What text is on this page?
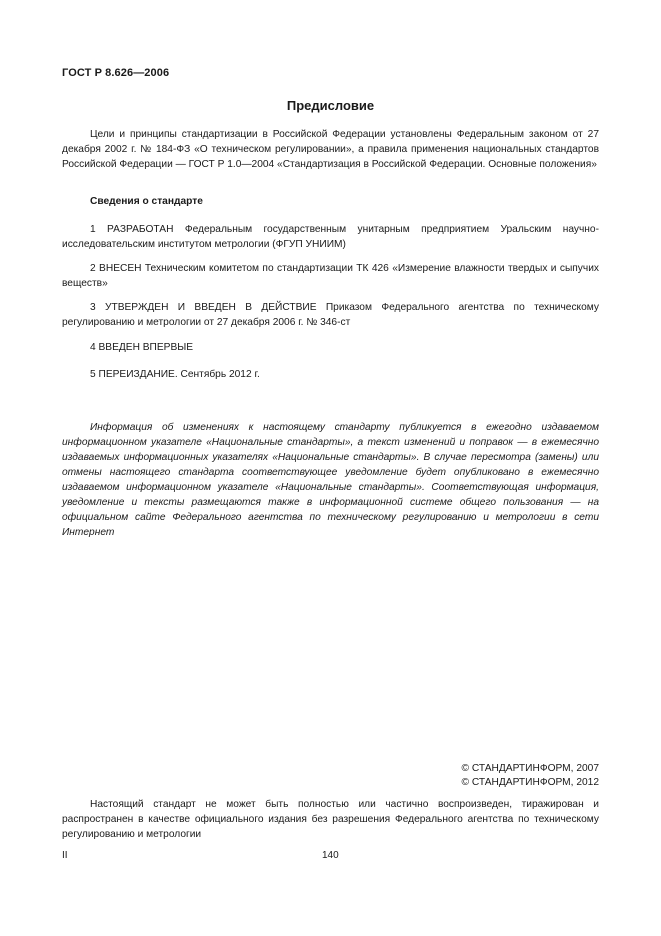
ГОСТ Р 8.626—2006
Предисловие
Цели и принципы стандартизации в Российской Федерации установлены Федеральным законом от 27 декабря 2002 г. № 184-ФЗ «О техническом регулировании», а правила применения национальных стандартов Российской Федерации — ГОСТ Р 1.0—2004 «Стандартизация в Российской Федерации. Основные положения»
Сведения о стандарте
1 РАЗРАБОТАН Федеральным государственным унитарным предприятием Уральским научно-исследовательским институтом метрологии (ФГУП УНИИМ)
2 ВНЕСЕН Техническим комитетом по стандартизации ТК 426 «Измерение влажности твердых и сыпучих веществ»
3 УТВЕРЖДЕН И ВВЕДЕН В ДЕЙСТВИЕ Приказом Федерального агентства по техническому регулированию и метрологии от 27 декабря 2006 г. № 346-ст
4 ВВЕДЕН ВПЕРВЫЕ
5 ПЕРЕИЗДАНИЕ. Сентябрь 2012 г.
Информация об изменениях к настоящему стандарту публикуется в ежегодно издаваемом информационном указателе «Национальные стандарты», а текст изменений и поправок — в ежемесячно издаваемых информационных указателях «Национальные стандарты». В случае пересмотра (замены) или отмены настоящего стандарта соответствующее уведомление будет опубликовано в ежемесячно издаваемом информационном указателе «Национальные стандарты». Соответствующая информация, уведомление и тексты размещаются также в информационной системе общего пользования — на официальном сайте Федерального агентства по техническому регулированию и метрологии в сети Интернет
© СТАНДАРТИНФОРМ, 2007
© СТАНДАРТИНФОРМ, 2012
Настоящий стандарт не может быть полностью или частично воспроизведен, тиражирован и распространен в качестве официального издания без разрешения Федерального агентства по техническому регулированию и метрологии
II	140
